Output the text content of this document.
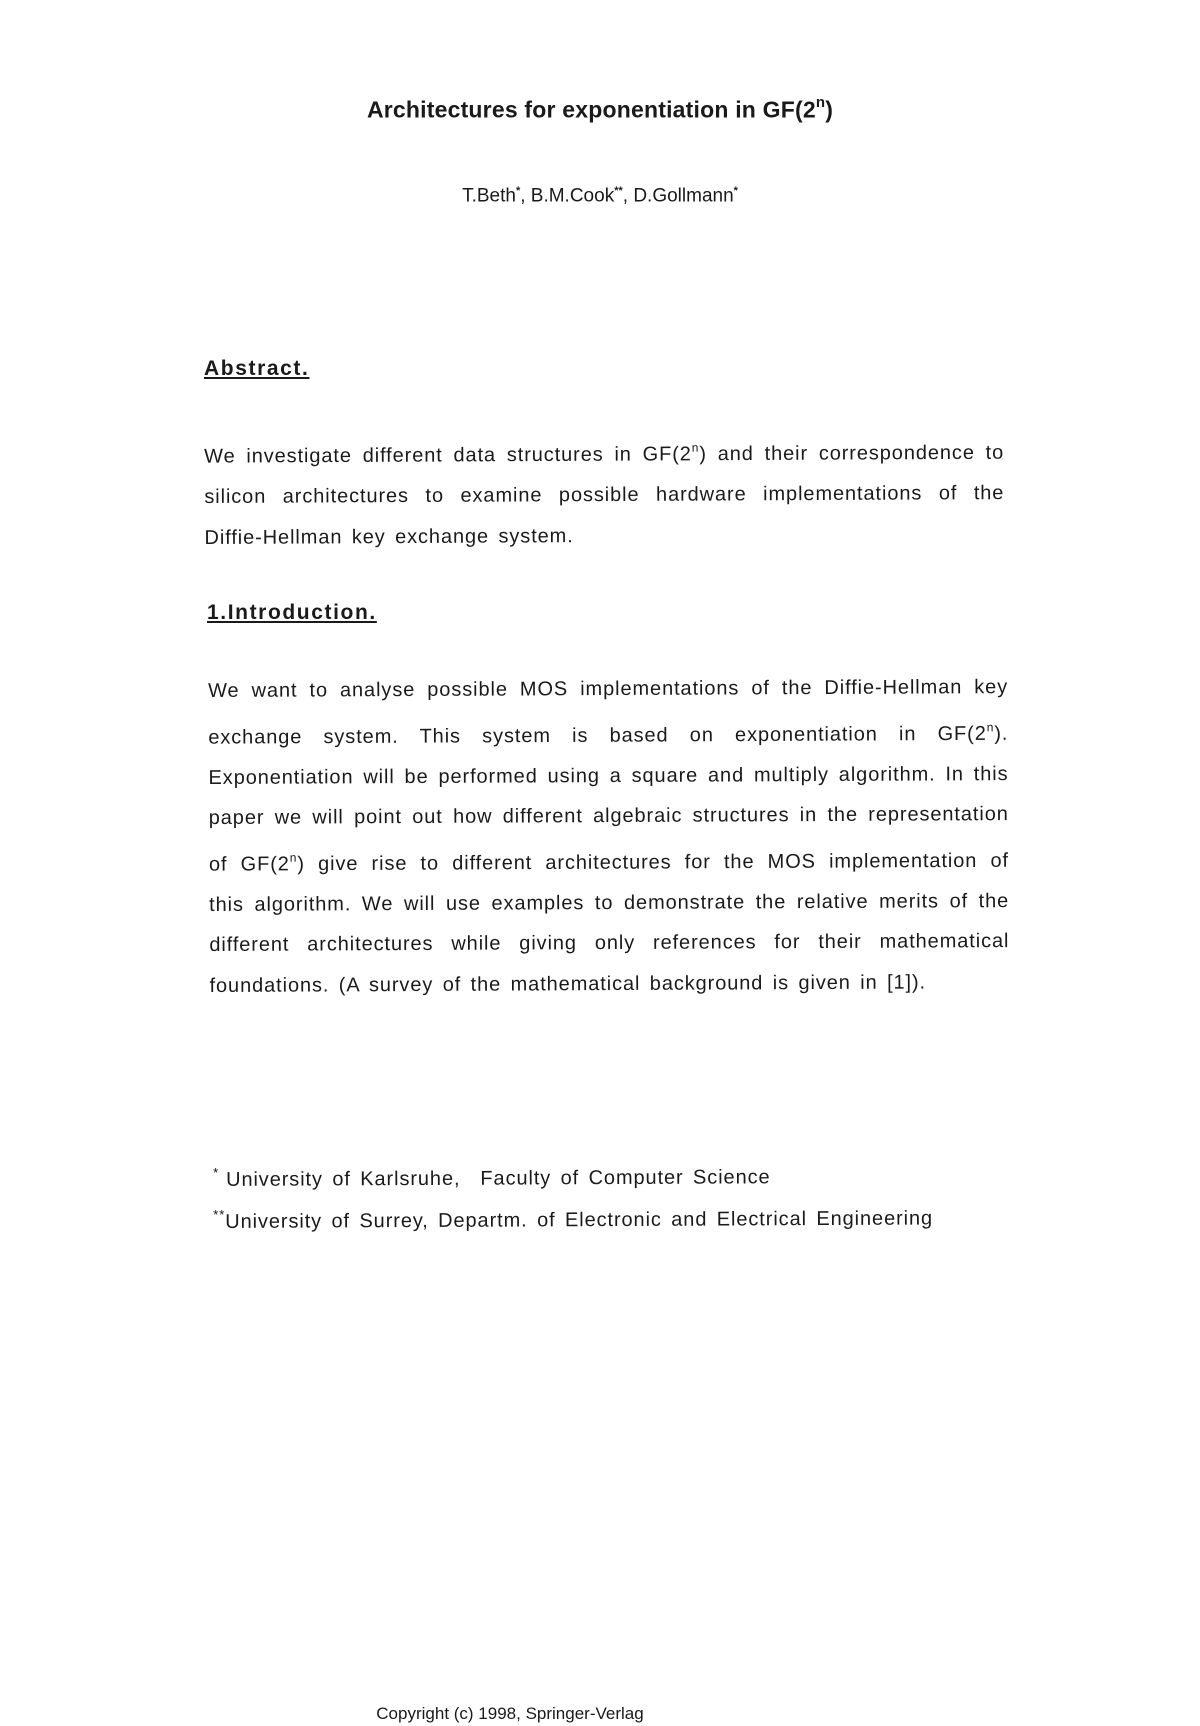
Architectures for exponentiation in GF(2$^n$)
T.Beth*, B.M.Cook**, D.Gollmann*
Abstract.
We investigate different data structures in GF(2$^n$) and their correspondence to silicon architectures to examine possible hardware implementations of the Diffie-Hellman key exchange system.
1.Introduction.
We want to analyse possible MOS implementations of the Diffie-Hellman key exchange system. This system is based on exponentiation in GF(2$^n$). Exponentiation will be performed using a square and multiply algorithm. In this paper we will point out how different algebraic structures in the representation of GF(2$^n$) give rise to different architectures for the MOS implementation of this algorithm. We will use examples to demonstrate the relative merits of the different architectures while giving only references for their mathematical foundations. (A survey of the mathematical background is given in [1]).
* University of Karlsruhe, Faculty of Computer Science
**University of Surrey, Departm. of Electronic and Electrical Engineering
Copyright (c) 1998, Springer-Verlag
